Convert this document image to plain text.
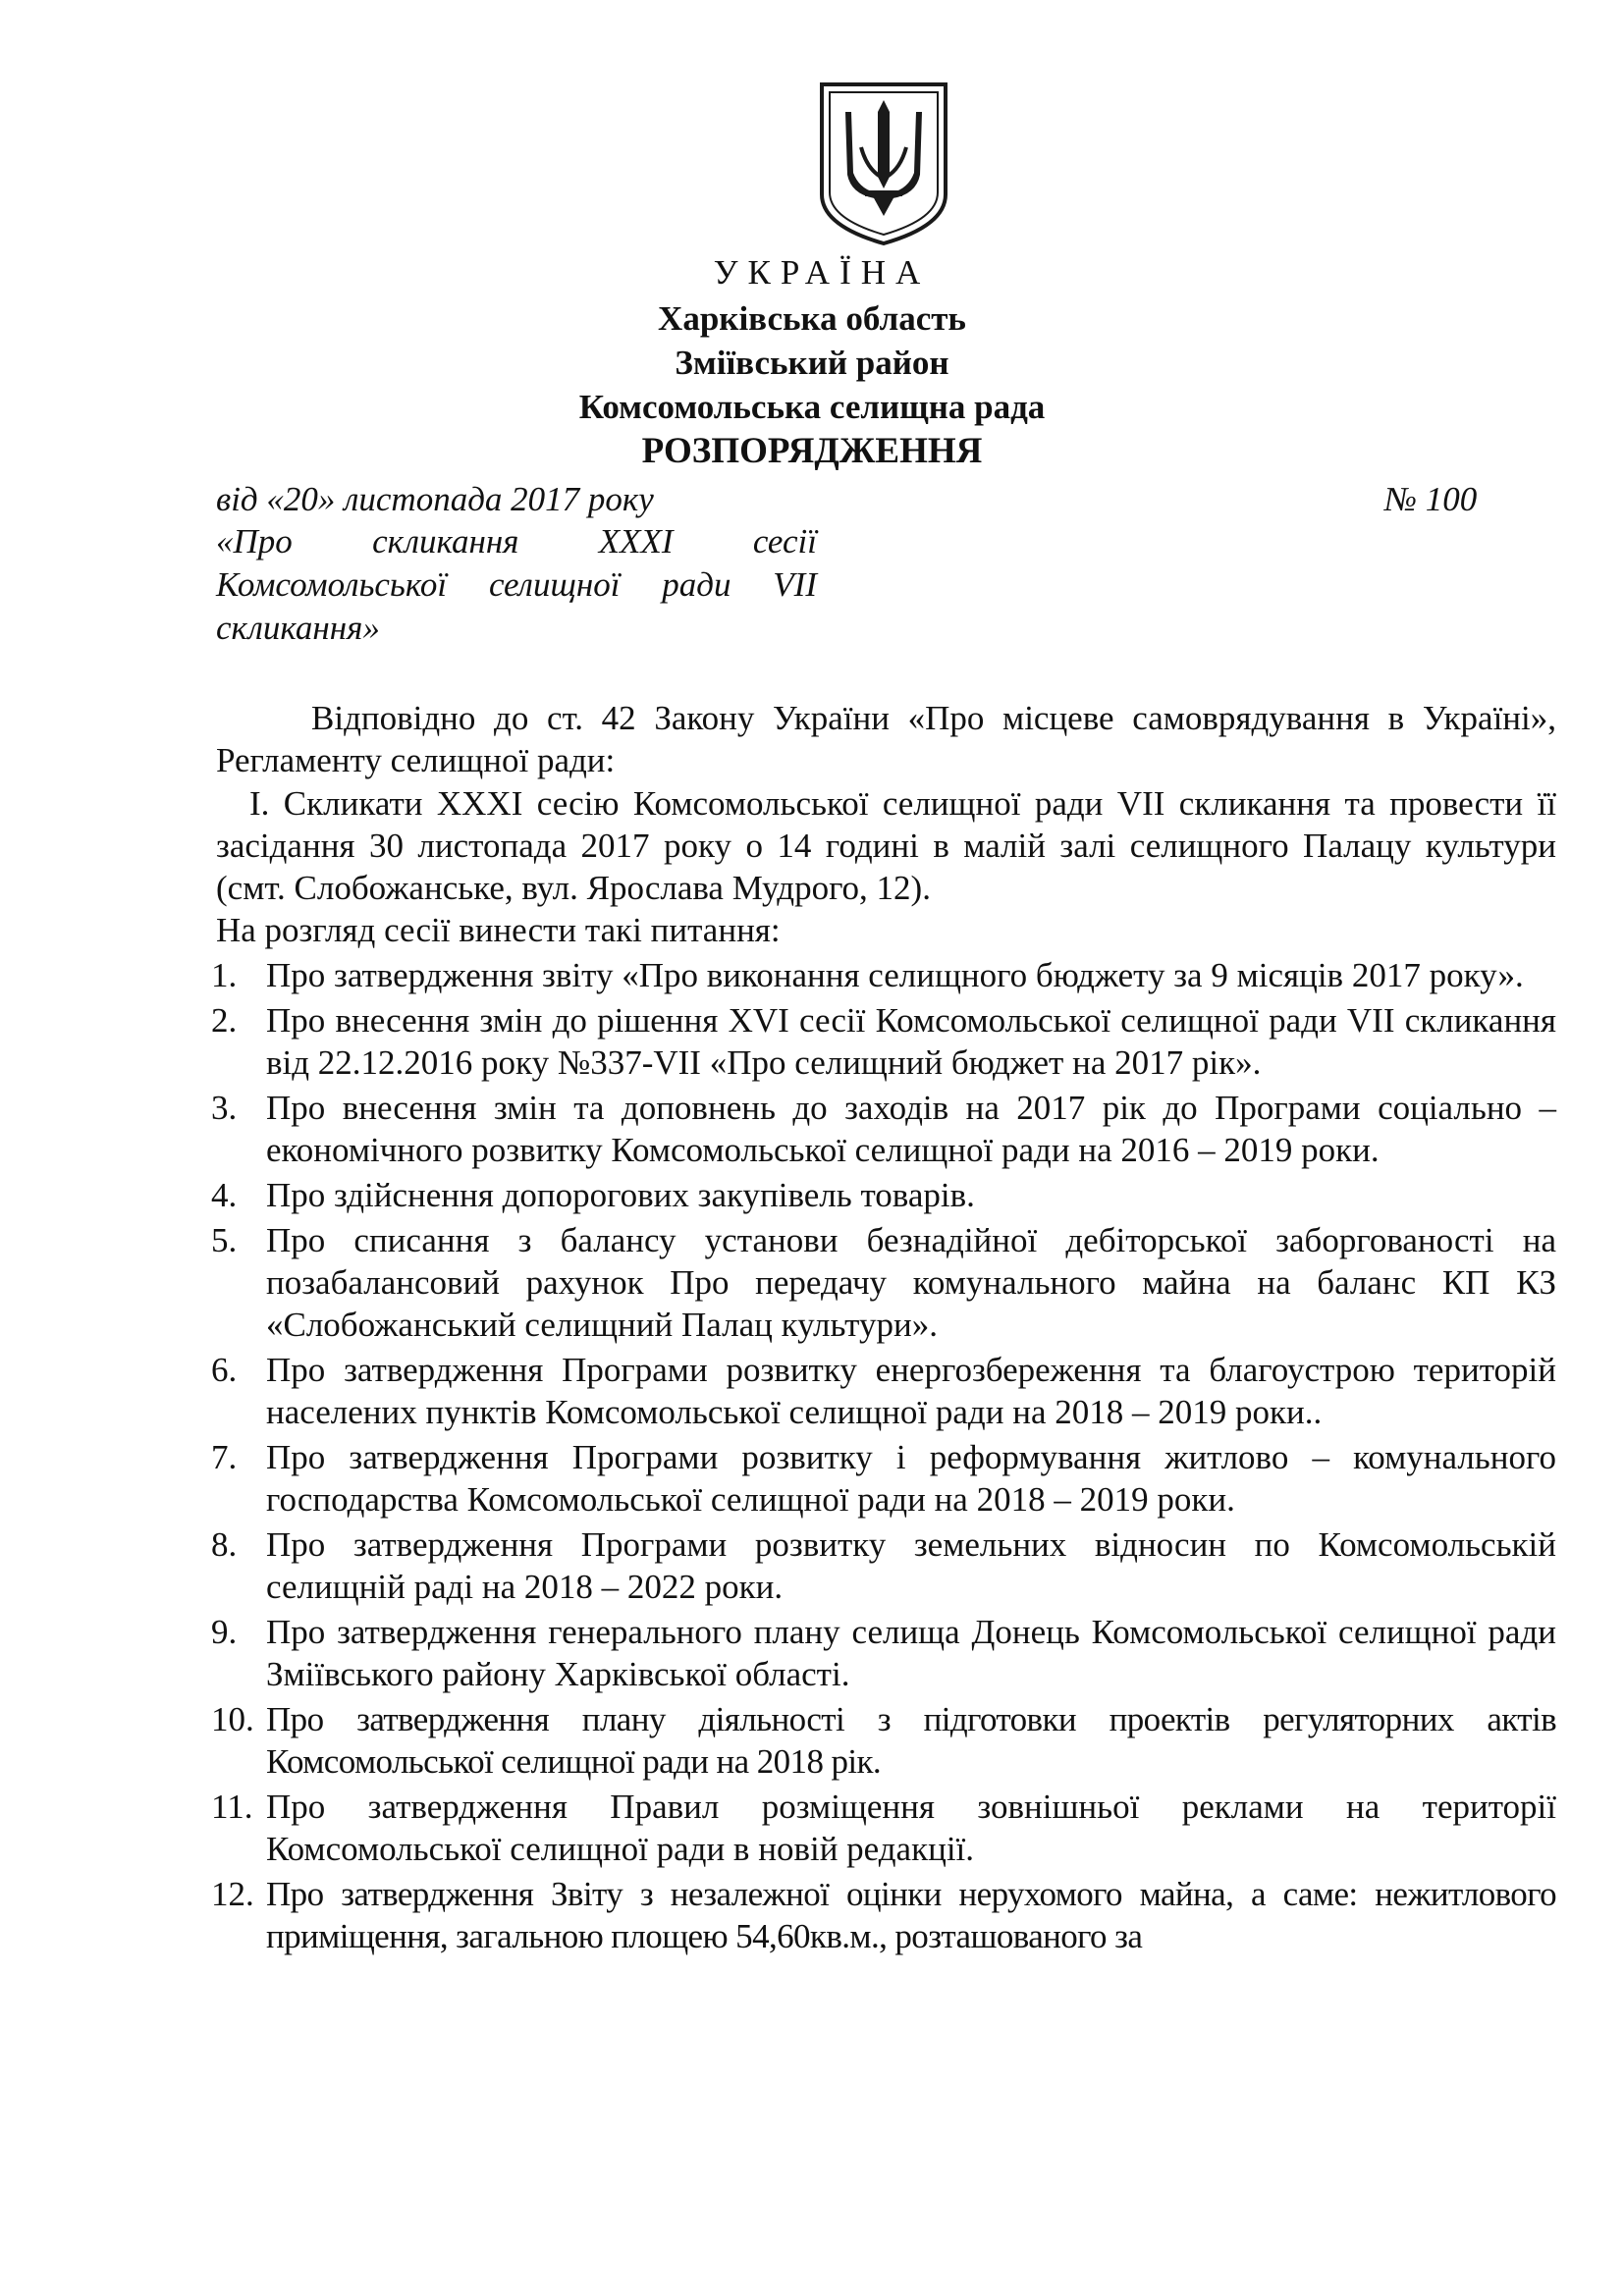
УКРАЇНА
Харківська область
Зміївський район
Комсомольська селищна рада
РОЗПОРЯДЖЕННЯ
від «20» листопада 2017 року	№ 100
«Про скликання XXXI сесії
Комсомольської селищної ради VII
скликання»
Відповідно до ст. 42 Закону України «Про місцеве самоврядування в Україні», Регламенту селищної ради:
І. Скликати XXXI сесію Комсомольської селищної ради VII скликання та провести її засідання 30 листопада 2017 року о 14 годині в малій залі селищного Палацу культури (смт. Слобожанське, вул. Ярослава Мудрого, 12).
На розгляд сесії винести такі питання:
1. Про затвердження звіту «Про виконання селищного бюджету за 9 місяців 2017 року».
2. Про внесення змін до рішення XVI сесії Комсомольської селищної ради VII скликання від 22.12.2016 року №337-VII «Про селищний бюджет на 2017 рік».
3. Про внесення змін та доповнень до заходів на 2017 рік до Програми соціально – економічного розвитку Комсомольської селищної ради на 2016 – 2019 роки.
4. Про здійснення допорогових закупівель товарів.
5. Про списання з балансу установи безнадійної дебіторської заборгованості на позабалансовий рахунок Про передачу комунального майна на баланс КП КЗ «Слобожанський селищний Палац культури».
6. Про затвердження Програми розвитку енергозбереження та благоустрою територій населених пунктів Комсомольської селищної ради на 2018 – 2019 роки..
7. Про затвердження Програми розвитку і реформування житлово – комунального господарства Комсомольської селищної ради на 2018 – 2019 роки.
8. Про затвердження Програми розвитку земельних відносин по Комсомольській селищній раді на 2018 – 2022 роки.
9. Про затвердження генерального плану селища Донець Комсомольської селищної ради Зміївського району Харківської області.
10. Про затвердження плану діяльності з підготовки проектів регуляторних актів Комсомольської селищної ради на 2018 рік.
11. Про затвердження Правил розміщення зовнішньої реклами на території Комсомольської селищної ради в новій редакції.
12. Про затвердження Звіту з незалежної оцінки нерухомого майна, а саме: нежитлового приміщення, загальною площею 54,60кв.м., розташованого за
